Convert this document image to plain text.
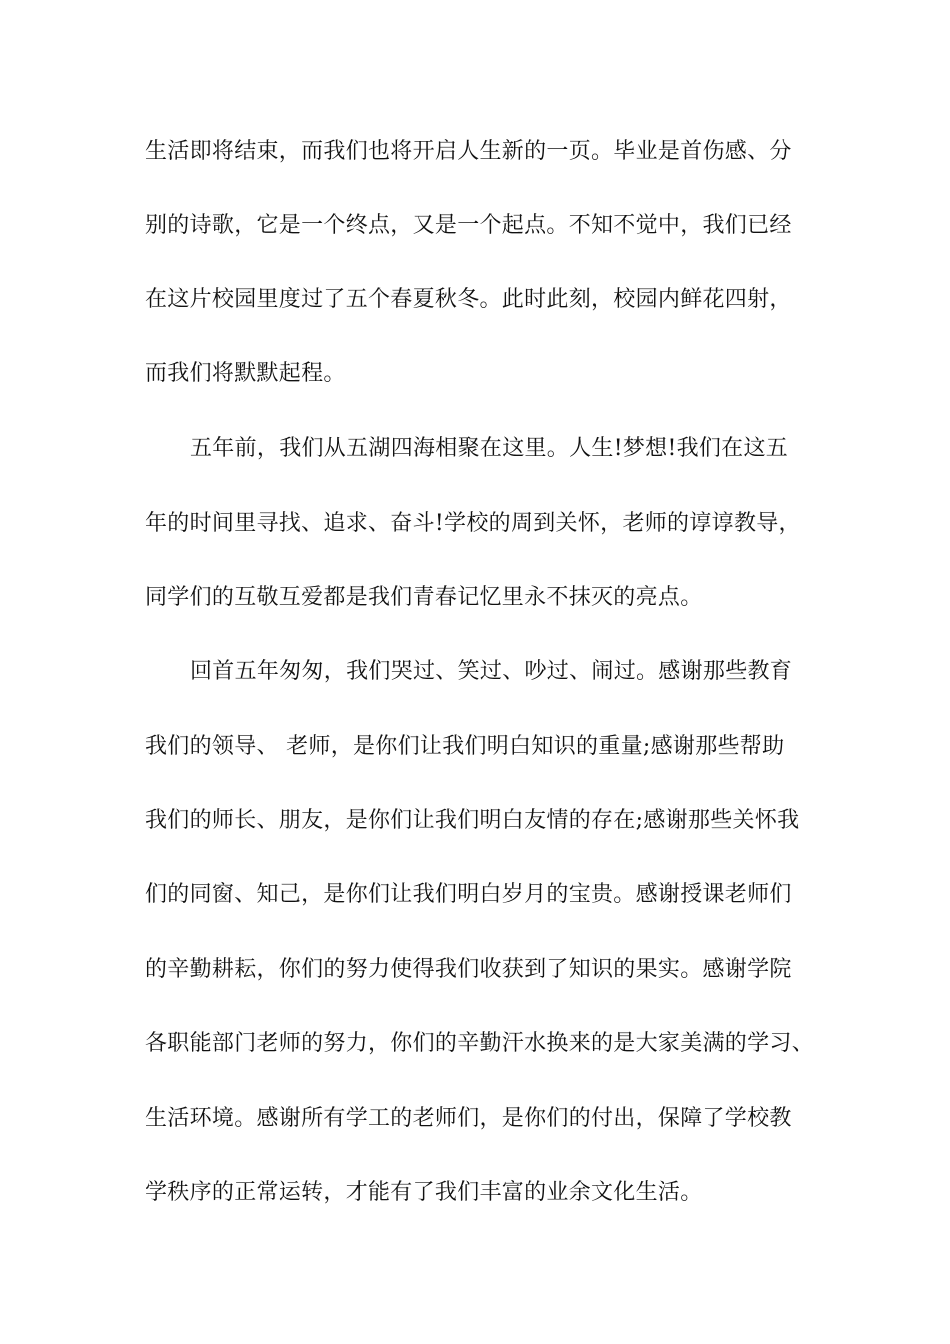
生活即将结束，而我们也将开启人生新的一页。毕业是首伤感、分
别的诗歌，它是一个终点，又是一个起点。不知不觉中，我们已经
在这片校园里度过了五个春夏秋冬。此时此刻，校园内鲜花四射，
而我们将默默起程。
五年前，我们从五湖四海相聚在这里。人生!梦想!我们在这五
年的时间里寻找、追求、奋斗!学校的周到关怀，老师的谆谆教导，
同学们的互敬互爱都是我们青春记忆里永不抹灭的亮点。
回首五年匆匆，我们哭过、笑过、吵过、闹过。感谢那些教育
我们的领导、 老师，是你们让我们明白知识的重量;感谢那些帮助
我们的师长、朋友，是你们让我们明白友情的存在;感谢那些关怀我
们的同窗、知己，是你们让我们明白岁月的宝贵。感谢授课老师们
的辛勤耕耘，你们的努力使得我们收获到了知识的果实。感谢学院
各职能部门老师的努力，你们的辛勤汗水换来的是大家美满的学习、
生活环境。感谢所有学工的老师们，是你们的付出，保障了学校教
学秩序的正常运转，才能有了我们丰富的业余文化生活。
